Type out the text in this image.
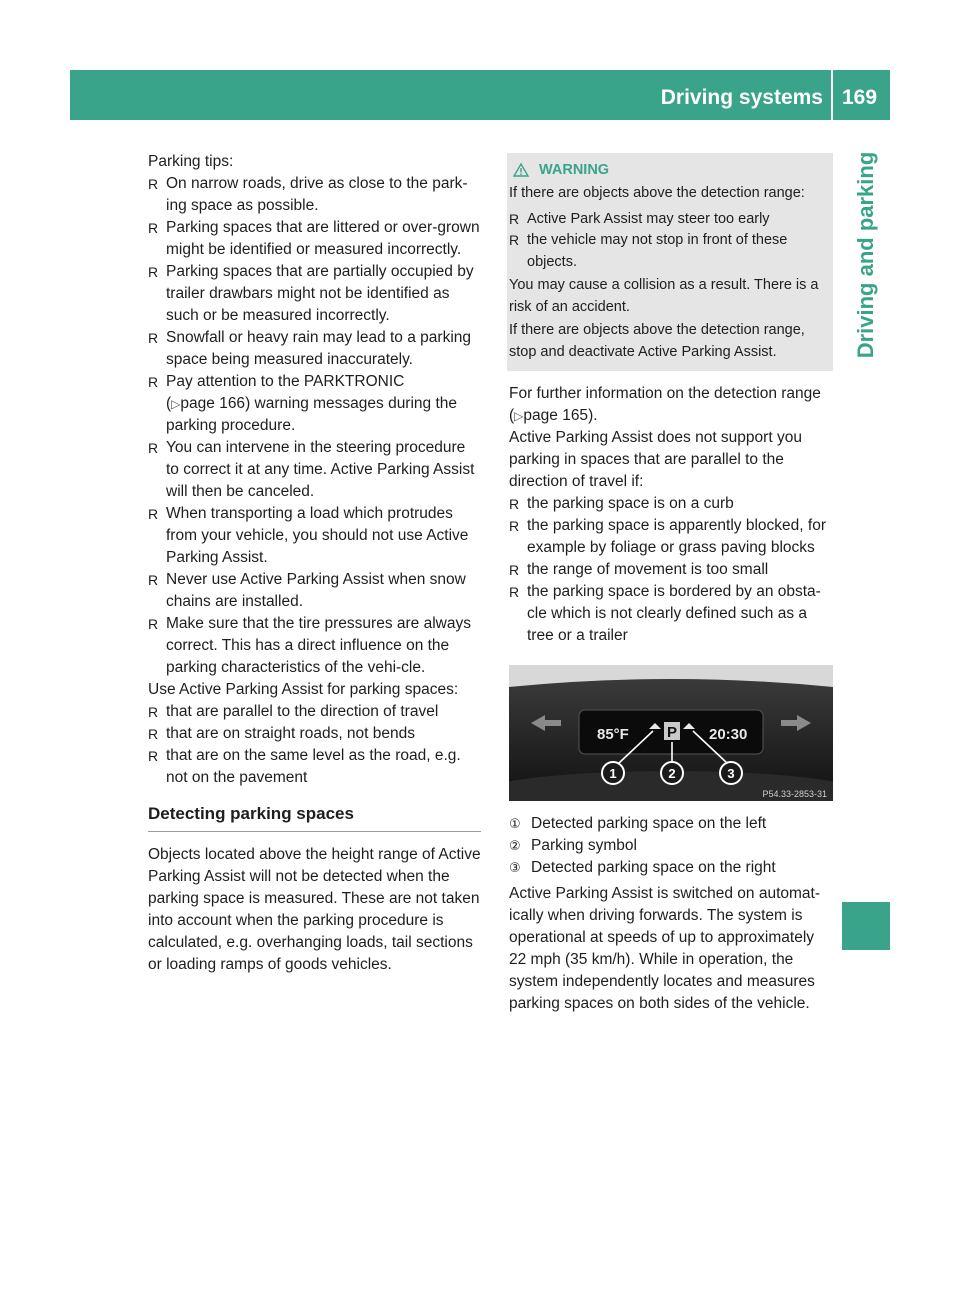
Driving systems 169
Driving and parking

Parking tips:

R On narrow roads, drive as close to the park-ing space as possible.
R Parking spaces that are littered or over-grown might be identified or measured incorrectly.
R Parking spaces that are partially occupied by trailer drawbars might not be identified as such or be measured incorrectly.
R Snowfall or heavy rain may lead to a parking space being measured inaccurately.
R Pay attention to the PARKTRONIC
(▷page 166) warning messages during the parking procedure.
R You can intervene in the steering procedure to correct it at any time. Active Parking Assist will then be canceled.
R When transporting a load which protrudes from your vehicle, you should not use Active Parking Assist.
R Never use Active Parking Assist when snow chains are installed.
R Make sure that the tire pressures are always correct. This has a direct influence on the parking characteristics of the vehi-cle.

Use Active Parking Assist for parking spaces:

R that are parallel to the direction of travel
R that are on straight roads, not bends
R that are on the same level as the road, e.g. not on the pavement
Detecting parking spaces

Objects located above the height range of Active Parking Assist will not be detected when the parking space is measured. These are not taken into account when the parking procedure is calculated, e.g. overhanging loads, tail sections or loading ramps of goods vehicles.

WARNING

If there are objects above the detection range:

R Active Park Assist may steer too early
R the vehicle may not stop in front of these objects.

You may cause a collision as a result. There is a risk of an accident.

If there are objects above the detection range, stop and deactivate Active Parking Assist.

For further information on the detection range (▷page 165).

Active Parking Assist does not support you parking in spaces that are parallel to the direction of travel if:

R the parking space is on a curb
R the parking space is apparently blocked, for example by foliage or grass paving blocks
R the range of movement is too small
R the parking space is bordered by an obsta-cle which is not clearly defined such as a tree or a trailer
85°F	P 20:30
1	2	3
P54.33-2853-31
① Detected parking space on the left
② Parking symbol
③ Detected parking space on the right

Active Parking Assist is switched on automat-ically when driving forwards. The system is operational at speeds of up to approximately 22 mph (35 km/h). While in operation, the system independently locates and measures parking spaces on both sides of the vehicle.
